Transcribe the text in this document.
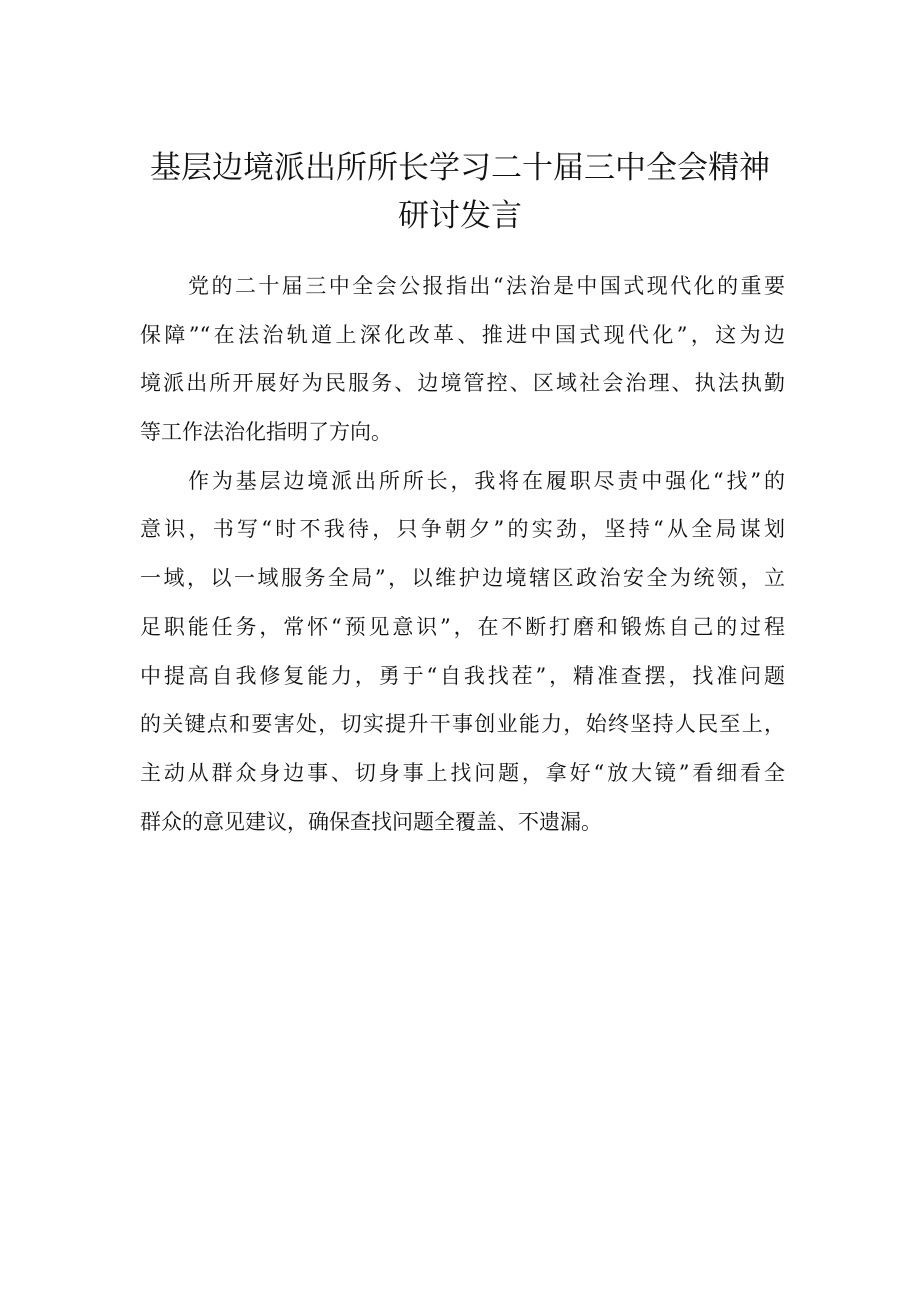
基层边境派出所所长学习二十届三中全会精神
研讨发言
党的二十届三中全会公报指出“法治是中国式现代化的重要
保障”“在法治轨道上深化改革、推进中国式现代化”，这为边
境派出所开展好为民服务、边境管控、区域社会治理、执法执勤
等工作法治化指明了方向。
作为基层边境派出所所长，我将在履职尽责中强化“找”的
意识，书写“时不我待，只争朝夕”的实劲，坚持“从全局谋划
一域，以一域服务全局”，以维护边境辖区政治安全为统领，立
足职能任务，常怀“预见意识”，在不断打磨和锻炼自己的过程
中提高自我修复能力，勇于“自我找茬”，精准查摆，找准问题
的关键点和要害处，切实提升干事创业能力，始终坚持人民至上，
主动从群众身边事、切身事上找问题，拿好“放大镜”看细看全
群众的意见建议，确保查找问题全覆盖、不遗漏。
